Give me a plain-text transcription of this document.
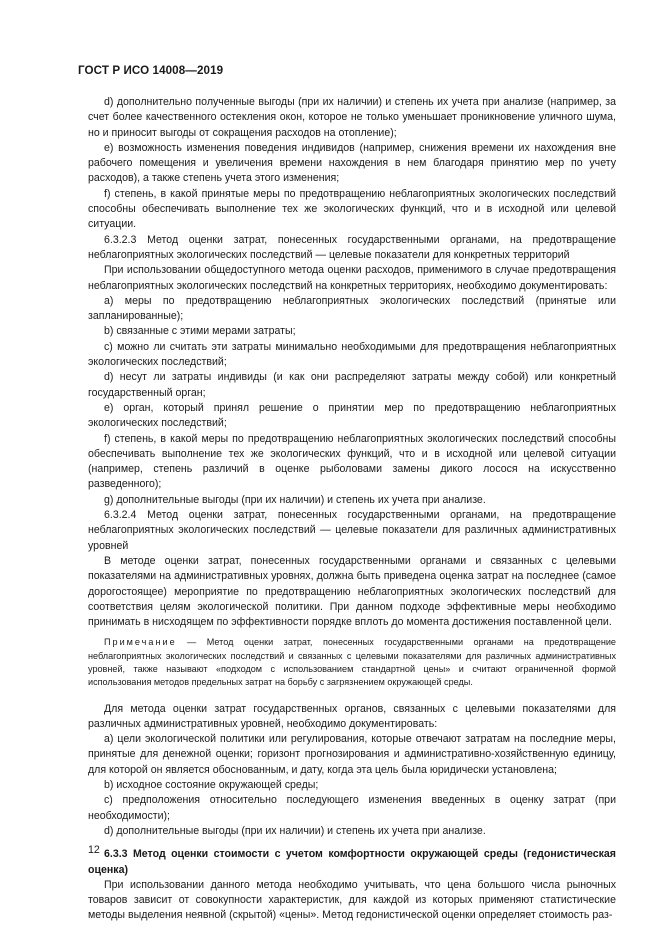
ГОСТ Р ИСО 14008—2019

d) дополнительно полученные выгоды (при их наличии) и степень их учета при анализе (например, за счет более качественного остекления окон, которое не только уменьшает проникновение уличного шума, но и приносит выгоды от сокращения расходов на отопление);

e) возможность изменения поведения индивидов (например, снижения времени их нахождения вне рабочего помещения и увеличения времени нахождения в нем благодаря принятию мер по учету расходов), а также степень учета этого изменения;

f) степень, в какой принятые меры по предотвращению неблагоприятных экологических последствий способны обеспечивать выполнение тех же экологических функций, что и в исходной или целевой ситуации.

6.3.2.3 Метод оценки затрат, понесенных государственными органами, на предотвращение неблагоприятных экологических последствий — целевые показатели для конкретных территорий

При использовании общедоступного метода оценки расходов, применимого в случае предотвращения неблагоприятных экологических последствий на конкретных территориях, необходимо документировать:

a) меры по предотвращению неблагоприятных экологических последствий (принятые или запланированные);

b) связанные с этими мерами затраты;

c) можно ли считать эти затраты минимально необходимыми для предотвращения неблагоприятных экологических последствий;

d) несут ли затраты индивиды (и как они распределяют затраты между собой) или конкретный государственный орган;

e) орган, который принял решение о принятии мер по предотвращению неблагоприятных экологических последствий;

f) степень, в какой меры по предотвращению неблагоприятных экологических последствий способны обеспечивать выполнение тех же экологических функций, что и в исходной или целевой ситуации (например, степень различий в оценке рыболовами замены дикого лосося на искусственно разведенного);

g) дополнительные выгоды (при их наличии) и степень их учета при анализе.

6.3.2.4 Метод оценки затрат, понесенных государственными органами, на предотвращение неблагоприятных экологических последствий — целевые показатели для различных административных уровней

В методе оценки затрат, понесенных государственными органами и связанных с целевыми показателями на административных уровнях, должна быть приведена оценка затрат на последнее (самое дорогостоящее) мероприятие по предотвращению неблагоприятных экологических последствий для соответствия целям экологической политики. При данном подходе эффективные меры необходимо принимать в нисходящем по эффективности порядке вплоть до момента достижения поставленной цели.

Примечание — Метод оценки затрат, понесенных государственными органами на предотвращение неблагоприятных экологических последствий и связанных с целевыми показателями для различных административных уровней, также называют «подходом с использованием стандартной цены» и считают ограниченной формой использования методов предельных затрат на борьбу с загрязнением окружающей среды.

Для метода оценки затрат государственных органов, связанных с целевыми показателями для различных административных уровней, необходимо документировать:

a) цели экологической политики или регулирования, которые отвечают затратам на последние меры, принятые для денежной оценки; горизонт прогнозирования и административно-хозяйственную единицу, для которой он является обоснованным, и дату, когда эта цель была юридически установлена;

b) исходное состояние окружающей среды;

c) предположения относительно последующего изменения введенных в оценку затрат (при необходимости);

d) дополнительные выгоды (при их наличии) и степень их учета при анализе.

6.3.3 Метод оценки стоимости с учетом комфортности окружающей среды (гедонистическая оценка)

При использовании данного метода необходимо учитывать, что цена большого числа рыночных товаров зависит от совокупности характеристик, для каждой из которых применяют статистические методы выделения неявной (скрытой) «цены». Метод гедонистической оценки определяет стоимость раз-

12
